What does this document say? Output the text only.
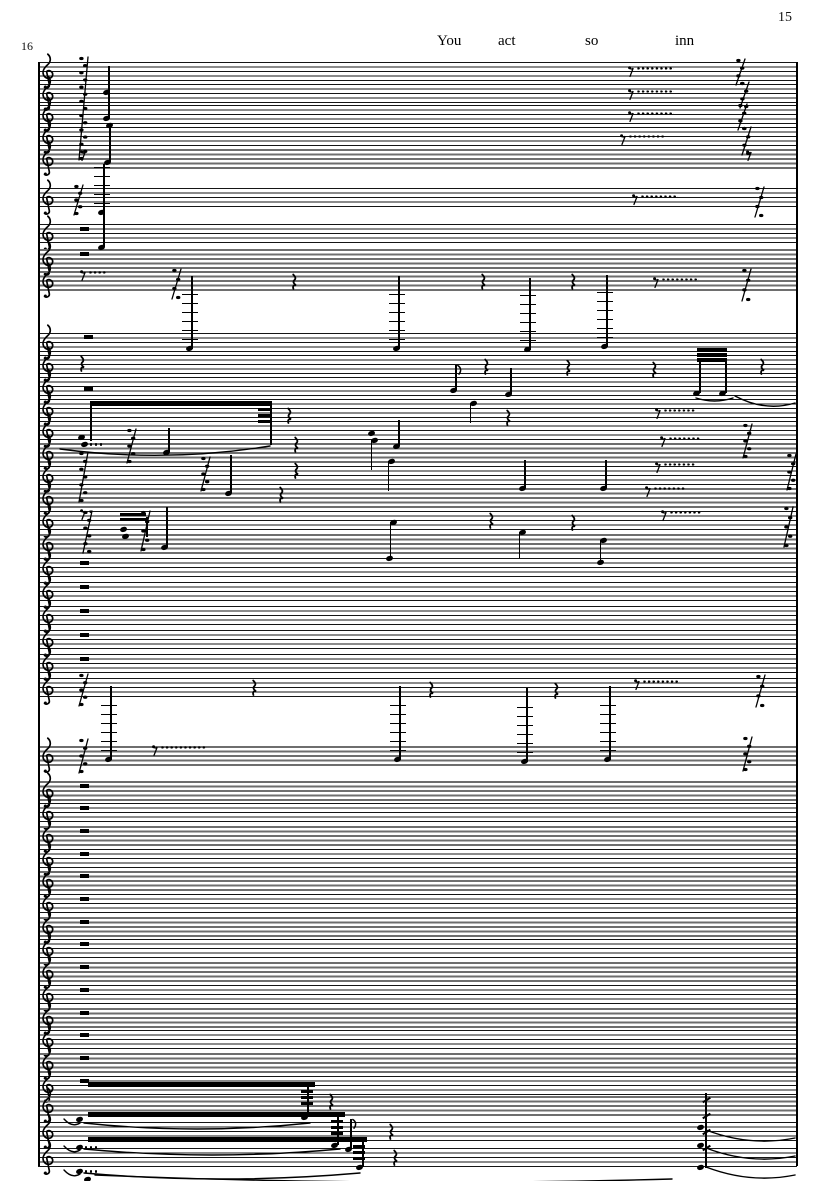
15
16	You act	so	inn
